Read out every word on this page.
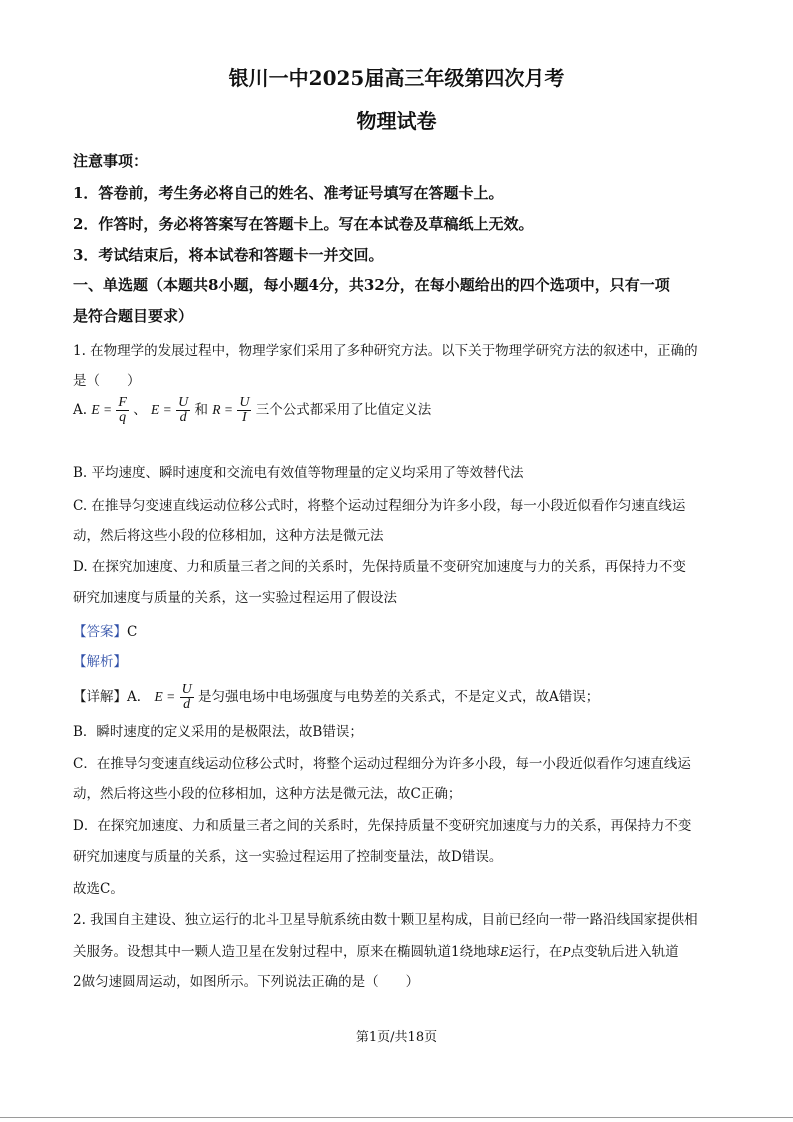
银川一中2025届高三年级第四次月考
物理试卷
注意事项：
1．答卷前，考生务必将自己的姓名、准考证号填写在答题卡上。
2．作答时，务必将答案写在答题卡上。写在本试卷及草稿纸上无效。
3．考试结束后，将本试卷和答题卡一并交回。
一、单选题（本题共8小题，每小题4分，共32分，在每小题给出的四个选项中，只有一项
是符合题目要求）
1. 在物理学的发展过程中，物理学家们采用了多种研究方法。以下关于物理学研究方法的叙述中，正确的
是（　　）
A. $E = \frac{F}{q}$ 、 $E = \frac{U}{d}$ 和 $R = \frac{U}{I}$ 三个公式都采用了比值定义法
B. 平均速度、瞬时速度和交流电有效值等物理量的定义均采用了等效替代法
C. 在推导匀变速直线运动位移公式时，将整个运动过程细分为许多小段，每一小段近似看作匀速直线运
动，然后将这些小段的位移相加，这种方法是微元法
D. 在探究加速度、力和质量三者之间的关系时，先保持质量不变研究加速度与力的关系，再保持力不变
研究加速度与质量的关系，这一实验过程运用了假设法
【答案】C
【解析】
【详解】A． $E = \frac{U}{d}$ 是匀强电场中电场强度与电势差的关系式，不是定义式，故A错误；
B．瞬时速度的定义采用的是极限法，故B错误；
C．在推导匀变速直线运动位移公式时，将整个运动过程细分为许多小段，每一小段近似看作匀速直线运
动，然后将这些小段的位移相加，这种方法是微元法，故C正确；
D．在探究加速度、力和质量三者之间的关系时，先保持质量不变研究加速度与力的关系，再保持力不变
研究加速度与质量的关系，这一实验过程运用了控制变量法，故D错误。
故选C。
2. 我国自主建设、独立运行的北斗卫星导航系统由数十颗卫星构成，目前已经向一带一路沿线国家提供相
关服务。设想其中一颗人造卫星在发射过程中，原来在椭圆轨道1绕地球E运行，在P点变轨后进入轨道
2做匀速圆周运动，如图所示。下列说法正确的是（　　）
第1页/共18页
